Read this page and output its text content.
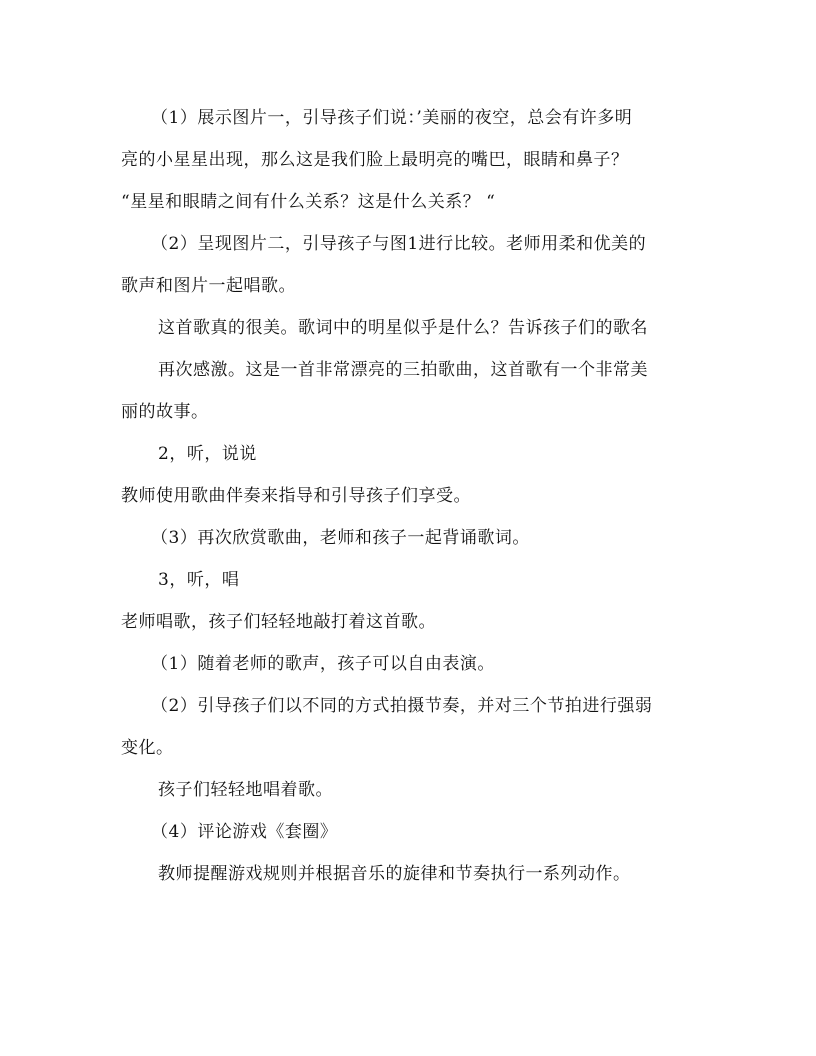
（1）展示图片一，引导孩子们说：’美丽的夜空，总会有许多明
亮的小星星出现，那么这是我们脸上最明亮的嘴巴，眼睛和鼻子？
“星星和眼睛之间有什么关系？这是什么关系？ “
（2）呈现图片二，引导孩子与图1进行比较。老师用柔和优美的
歌声和图片一起唱歌。
这首歌真的很美。歌词中的明星似乎是什么？告诉孩子们的歌名
再次感激。这是一首非常漂亮的三拍歌曲，这首歌有一个非常美
丽的故事。
2，听，说说
教师使用歌曲伴奏来指导和引导孩子们享受。
（3）再次欣赏歌曲，老师和孩子一起背诵歌词。
3，听，唱
老师唱歌，孩子们轻轻地敲打着这首歌。
（1）随着老师的歌声，孩子可以自由表演。
（2）引导孩子们以不同的方式拍摄节奏，并对三个节拍进行强弱
变化。
孩子们轻轻地唱着歌。
（4）评论游戏《套圈》
教师提醒游戏规则并根据音乐的旋律和节奏执行一系列动作。
